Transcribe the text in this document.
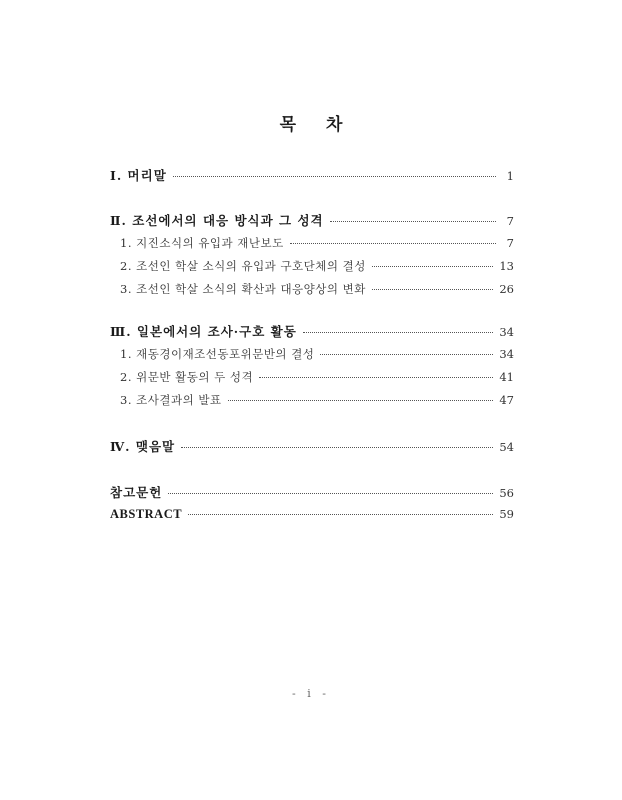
목 차
Ⅰ. 머리말	1
Ⅱ. 조선에서의 대응 방식과 그 성격	7
1. 지진소식의 유입과 재난보도	7
2. 조선인 학살 소식의 유입과 구호단체의 결성	13
3. 조선인 학살 소식의 확산과 대응양상의 변화	26
Ⅲ. 일본에서의 조사·구호 활동	34
1. 재동경이재조선동포위문반의 결성	34
2. 위문반 활동의 두 성격	41
3. 조사결과의 발표	47
Ⅳ. 맺음말	54
참고문헌	56
ABSTRACT	59
- i -
